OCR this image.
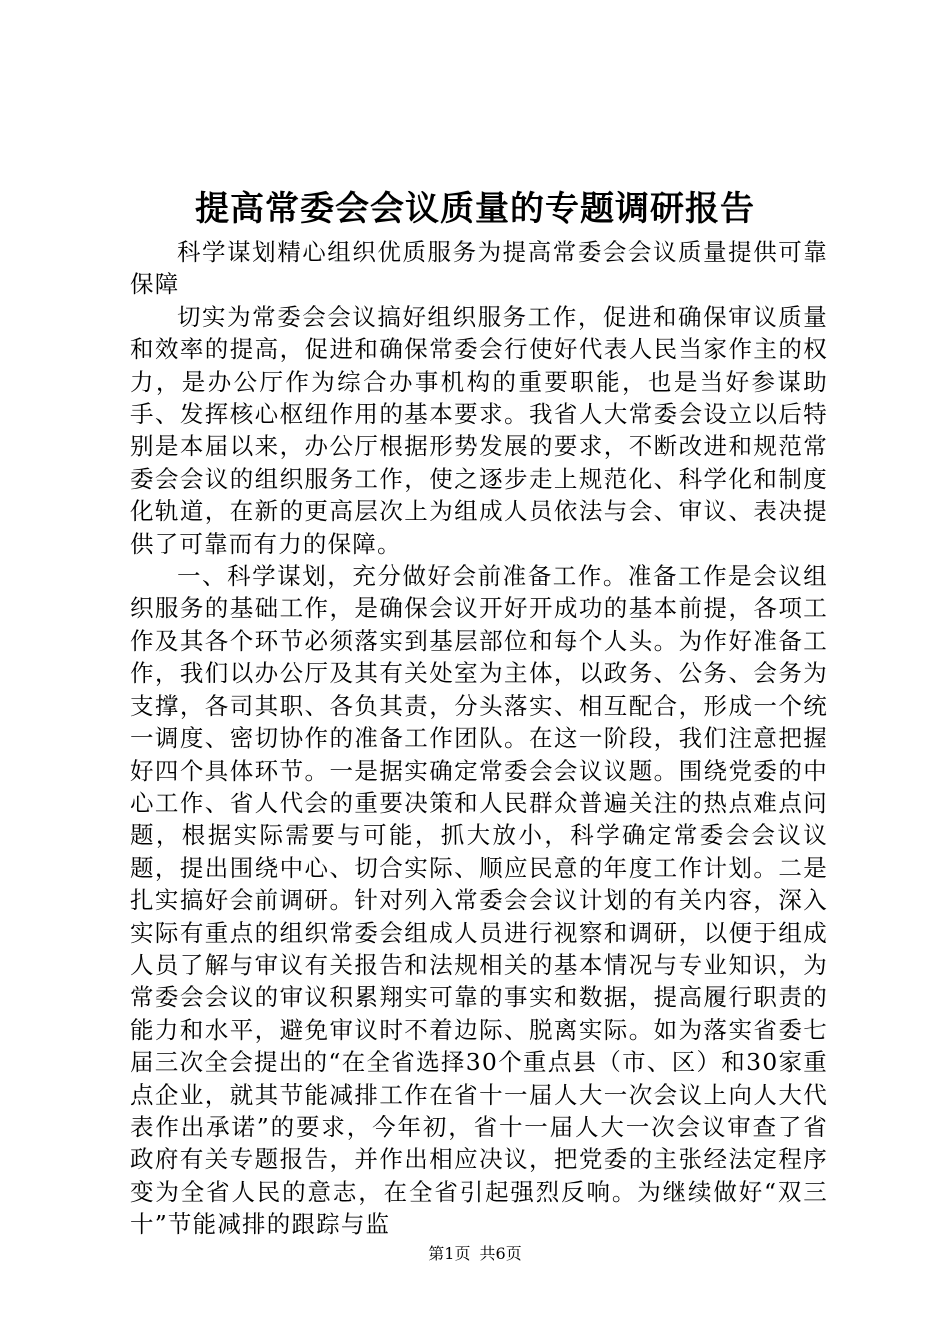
提高常委会会议质量的专题调研报告

科学谋划精心组织优质服务为提高常委会会议质量提供可靠保障

切实为常委会会议搞好组织服务工作，促进和确保审议质量和效率的提高，促进和确保常委会行使好代表人民当家作主的权力，是办公厅作为综合办事机构的重要职能，也是当好参谋助手、发挥核心枢纽作用的基本要求。我省人大常委会设立以后特别是本届以来，办公厅根据形势发展的要求，不断改进和规范常委会会议的组织服务工作，使之逐步走上规范化、科学化和制度化轨道，在新的更高层次上为组成人员依法与会、审议、表决提供了可靠而有力的保障。

一、科学谋划，充分做好会前准备工作。准备工作是会议组织服务的基础工作，是确保会议开好开成功的基本前提，各项工作及其各个环节必须落实到基层部位和每个人头。为作好准备工作，我们以办公厅及其有关处室为主体，以政务、公务、会务为支撑，各司其职、各负其责，分头落实、相互配合，形成一个统一调度、密切协作的准备工作团队。在这一阶段，我们注意把握好四个具体环节。一是据实确定常委会会议议题。围绕党委的中心工作、省人代会的重要决策和人民群众普遍关注的热点难点问题，根据实际需要与可能，抓大放小，科学确定常委会会议议题，提出围绕中心、切合实际、顺应民意的年度工作计划。二是扎实搞好会前调研。针对列入常委会会议计划的有关内容，深入实际有重点的组织常委会组成人员进行视察和调研，以便于组成人员了解与审议有关报告和法规相关的基本情况与专业知识，为常委会会议的审议积累翔实可靠的事实和数据，提高履行职责的能力和水平，避免审议时不着边际、脱离实际。如为落实省委七届三次全会提出的“在全省选择30个重点县（市、区）和30家重点企业，就其节能减排工作在省十一届人大一次会议上向人大代表作出承诺”的要求，今年初，省十一届人大一次会议审查了省政府有关专题报告，并作出相应决议，把党委的主张经法定程序变为全省人民的意志，在全省引起强烈反响。为继续做好“双三十”节能减排的跟踪与监

第1页 共6页
